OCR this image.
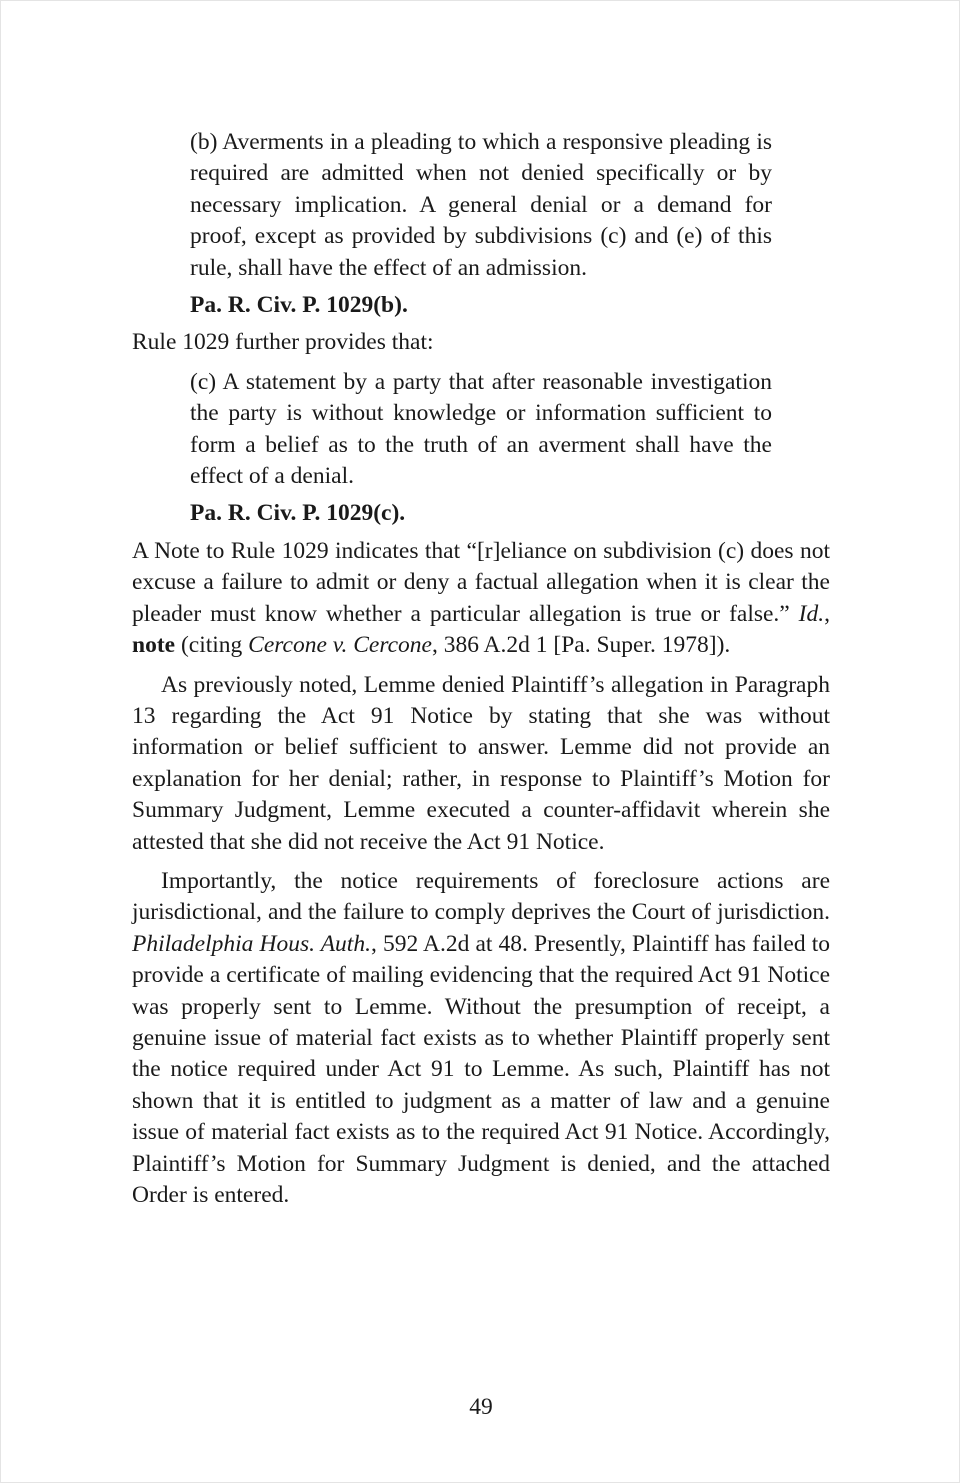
(b) Averments in a pleading to which a responsive pleading is required are admitted when not denied specifically or by necessary implication. A general denial or a demand for proof, except as provided by subdivisions (c) and (e) of this rule, shall have the effect of an admission.

Pa. R. Civ. P. 1029(b).

Rule 1029 further provides that:

(c) A statement by a party that after reasonable investigation the party is without knowledge or information sufficient to form a belief as to the truth of an averment shall have the effect of a denial.

Pa. R. Civ. P. 1029(c).

A Note to Rule 1029 indicates that “[r]eliance on subdivision (c) does not excuse a failure to admit or deny a factual allegation when it is clear the pleader must know whether a particular allegation is true or false.” Id., note (citing Cercone v. Cercone, 386 A.2d 1 [Pa. Super. 1978]).

As previously noted, Lemme denied Plaintiff’s allegation in Paragraph 13 regarding the Act 91 Notice by stating that she was without information or belief sufficient to answer. Lemme did not provide an explanation for her denial; rather, in response to Plaintiff’s Motion for Summary Judgment, Lemme executed a counter-affidavit wherein she attested that she did not receive the Act 91 Notice.

Importantly, the notice requirements of foreclosure actions are jurisdictional, and the failure to comply deprives the Court of jurisdiction. Philadelphia Hous. Auth., 592 A.2d at 48. Presently, Plaintiff has failed to provide a certificate of mailing evidencing that the required Act 91 Notice was properly sent to Lemme. Without the presumption of receipt, a genuine issue of material fact exists as to whether Plaintiff properly sent the notice required under Act 91 to Lemme. As such, Plaintiff has not shown that it is entitled to judgment as a matter of law and a genuine issue of material fact exists as to the required Act 91 Notice. Accordingly, Plaintiff’s Motion for Summary Judgment is denied, and the attached Order is entered.

49
